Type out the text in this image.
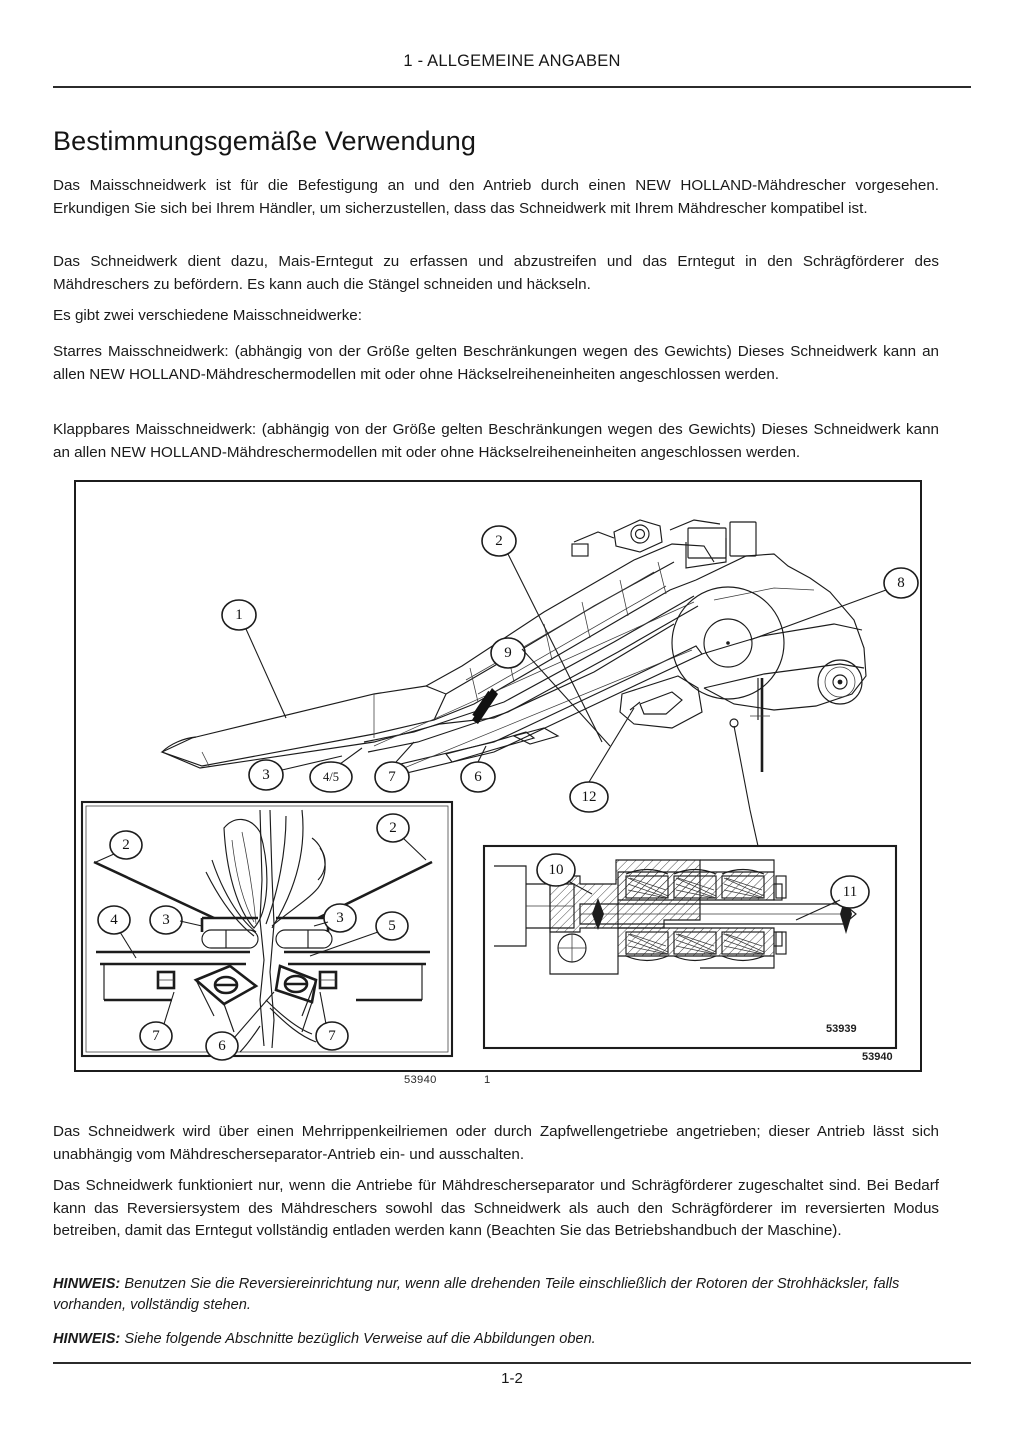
1 - ALLGEMEINE ANGABEN
Bestimmungsgemäße Verwendung

Das Maisschneidwerk ist für die Befestigung an und den Antrieb durch einen NEW HOLLAND-Mähdrescher vorgesehen. Erkundigen Sie sich bei Ihrem Händler, um sicherzustellen, dass das Schneidwerk mit Ihrem Mähdrescher kompatibel ist.

Das Schneidwerk dient dazu, Mais-Erntegut zu erfassen und abzustreifen und das Erntegut in den Schrägförderer des Mähdreschers zu befördern. Es kann auch die Stängel schneiden und häckseln.

Es gibt zwei verschiedene Maisschneidwerke:

Starres Maisschneidwerk: (abhängig von der Größe gelten Beschränkungen wegen des Gewichts) Dieses Schneidwerk kann an allen NEW HOLLAND-Mähdreschermodellen mit oder ohne Häckselreiheneinheiten angeschlossen werden.

Klappbares Maisschneidwerk: (abhängig von der Größe gelten Beschränkungen wegen des Gewichts) Dieses Schneidwerk kann an allen NEW HOLLAND-Mähdreschermodellen mit oder ohne Häckselreiheneinheiten angeschlossen werden.

1
2
8
9
3	4/5	7	6
12
2
2
4	3	3	5
7
6
7
10
11
53939
53940
53940	1

Das Schneidwerk wird über einen Mehrrippenkeilriemen oder durch Zapfwellengetriebe angetrieben; dieser Antrieb lässt sich unabhängig vom Mähdrescherseparator-Antrieb ein- und ausschalten.

Das Schneidwerk funktioniert nur, wenn die Antriebe für Mähdrescherseparator und Schrägförderer zugeschaltet sind. Bei Bedarf kann das Reversiersystem des Mähdreschers sowohl das Schneidwerk als auch den Schrägförderer im reversierten Modus betreiben, damit das Erntegut vollständig entladen werden kann (Beachten Sie das Betriebshandbuch der Maschine).

HINWEIS: Benutzen Sie die Reversiereinrichtung nur, wenn alle drehenden Teile einschließlich der Rotoren der Strohhäcksler, falls vorhanden, vollständig stehen.

HINWEIS: Siehe folgende Abschnitte bezüglich Verweise auf die Abbildungen oben.

1-2
